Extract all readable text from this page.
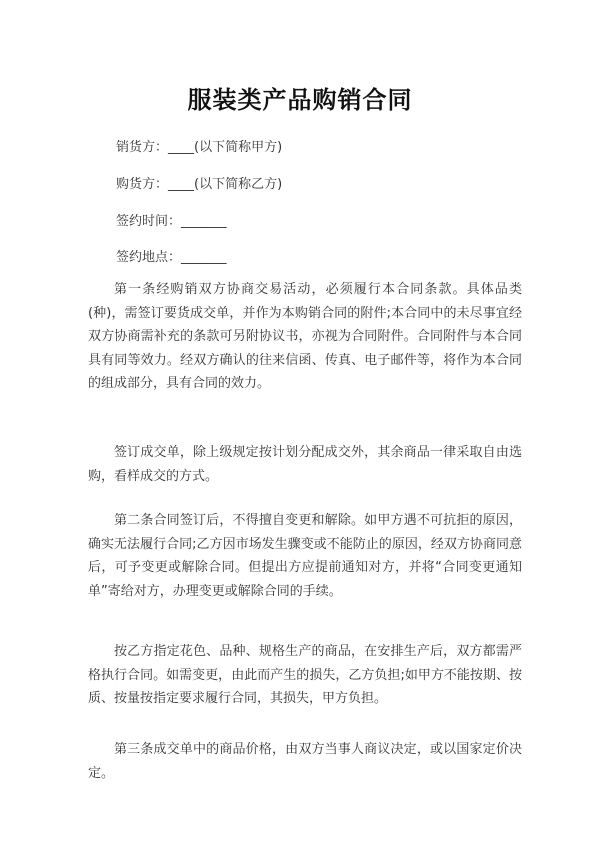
服装类产品购销合同
销货方：____(以下简称甲方)
购货方：____(以下简称乙方)
签约时间：_______
签约地点：_______

第一条经购销双方协商交易活动，必须履行本合同条款。具体品类(种)，需签订要货成交单，并作为本购销合同的附件;本合同中的未尽事宜经双方协商需补充的条款可另附协议书，亦视为合同附件。合同附件与本合同具有同等效力。经双方确认的往来信函、传真、电子邮件等，将作为本合同的组成部分，具有合同的效力。

签订成交单，除上级规定按计划分配成交外，其余商品一律采取自由选购，看样成交的方式。

第二条合同签订后，不得擅自变更和解除。如甲方遇不可抗拒的原因，确实无法履行合同;乙方因市场发生骤变或不能防止的原因，经双方协商同意后，可予变更或解除合同。但提出方应提前通知对方，并将“合同变更通知单”寄给对方，办理变更或解除合同的手续。

按乙方指定花色、品种、规格生产的商品，在安排生产后，双方都需严格执行合同。如需变更，由此而产生的损失，乙方负担;如甲方不能按期、按质、按量按指定要求履行合同，其损失，甲方负担。

第三条成交单中的商品价格，由双方当事人商议决定，或以国家定价决定。
